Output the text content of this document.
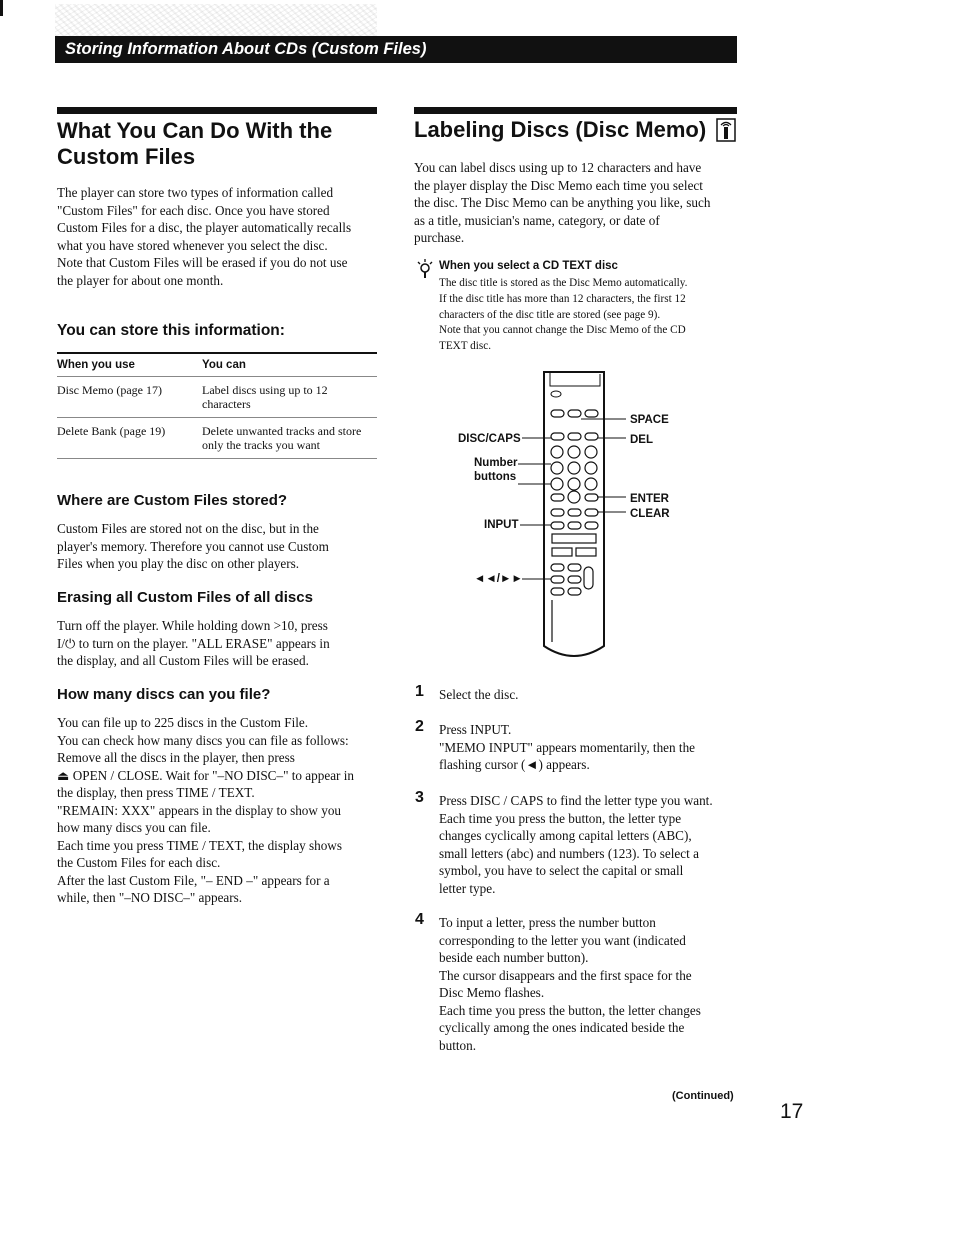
Storing Information About CDs (Custom Files)
What You Can Do With the Custom Files

The player can store two types of information called

"Custom Files" for each disc. Once you have stored

Custom Files for a disc, the player automatically recalls

what you have stored whenever you select the disc.

Note that Custom Files will be erased if you do not use

the player for about one month.

You can store this information:
When you use	You can
Disc Memo (page 17)	Label discs using up to 12 characters
Delete Bank (page 19)	Delete unwanted tracks and store only the tracks you want
Where are Custom Files stored?

Custom Files are stored not on the disc, but in the

player's memory. Therefore you cannot use Custom

Files when you play the disc on other players.

Erasing all Custom Files of all discs

Turn off the player. While holding down >10, press

I/⏻ to turn on the player. "ALL ERASE" appears in

the display, and all Custom Files will be erased.

How many discs can you file?

You can file up to 225 discs in the Custom File.

You can check how many discs you can file as follows:

Remove all the discs in the player, then press

⏏ OPEN / CLOSE. Wait for "–NO DISC–" to appear in

the display, then press TIME / TEXT.

"REMAIN: XXX" appears in the display to show you

how many discs you can file.

Each time you press TIME / TEXT, the display shows

the Custom Files for each disc.

After the last Custom File, "– END –" appears for a

while, then "–NO DISC–" appears.

Labeling Discs (Disc Memo)

You can label discs using up to 12 characters and have

the player display the Disc Memo each time you select

the disc. The Disc Memo can be anything you like, such

as a title, musician's name, category, or date of

purchase.

When you select a CD TEXT disc

The disc title is stored as the Disc Memo automatically.

If the disc title has more than 12 characters, the first 12

characters of the disc title are stored (see page 9).

Note that you cannot change the Disc Memo of the CD

TEXT disc.

DISC/CAPS
Number
buttons
INPUT
◄◄/►►
SPACE
DEL
ENTER
CLEAR
1 Select the disc.

2 Press INPUT.

"MEMO INPUT" appears momentarily, then the

flashing cursor (◄) appears.

3 Press DISC / CAPS to find the letter type you want.

Each time you press the button, the letter type

changes cyclically among capital letters (ABC),

small letters (abc) and numbers (123). To select a

symbol, you have to select the capital or small

letter type.

4 To input a letter, press the number button

corresponding to the letter you want (indicated

beside each number button).

The cursor disappears and the first space for the

Disc Memo flashes.

Each time you press the button, the letter changes

cyclically among the ones indicated beside the

button.

(Continued)
17
